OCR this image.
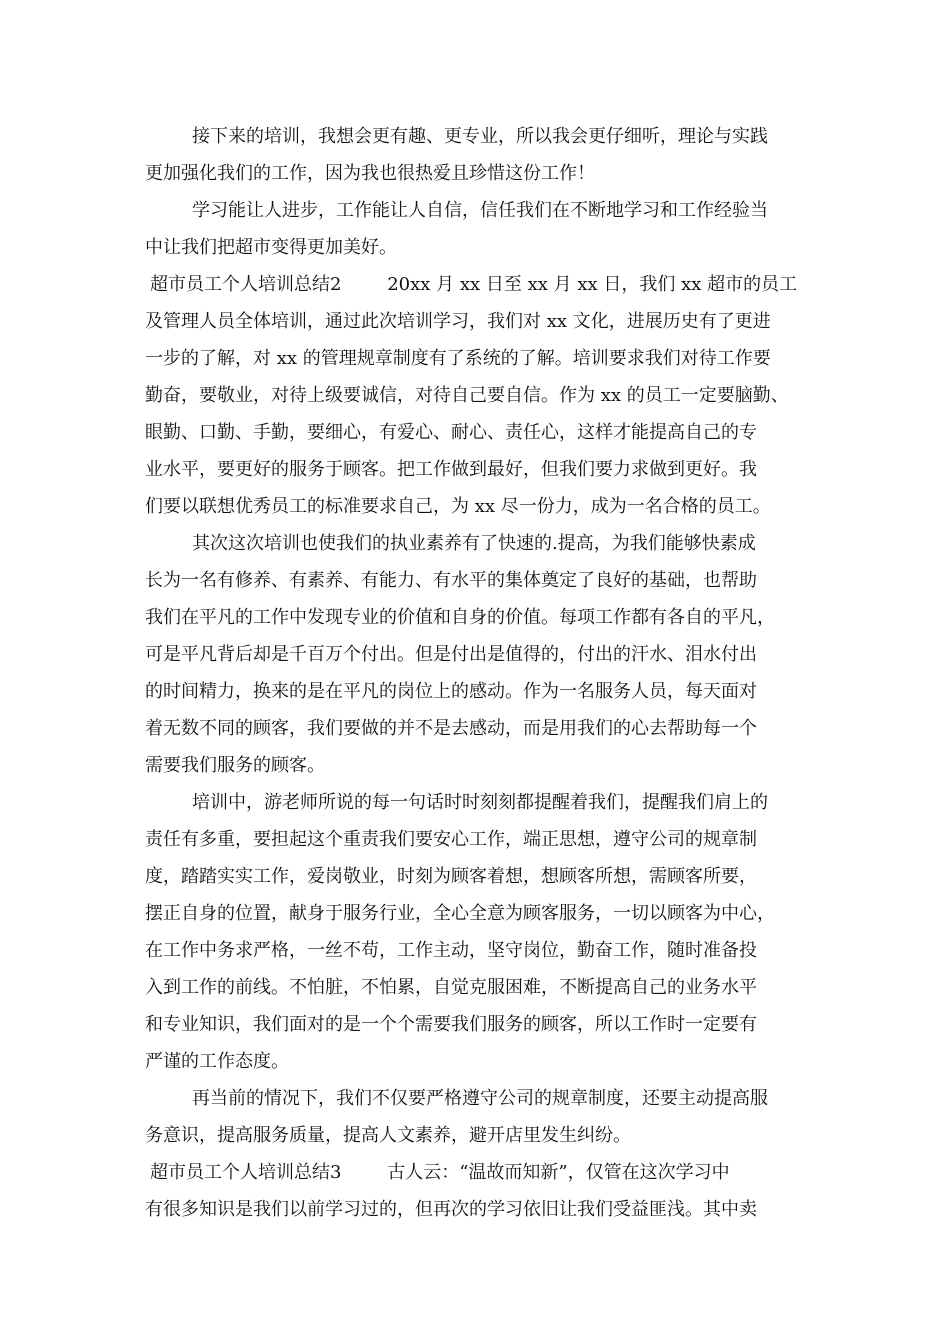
接下来的培训，我想会更有趣、更专业，所以我会更仔细听，理论与实践
更加强化我们的工作，因为我也很热爱且珍惜这份工作！
学习能让人进步，工作能让人自信，信任我们在不断地学习和工作经验当
中让我们把超市变得更加美好。
超市员工个人培训总结2        20xx 月 xx 日至 xx 月 xx 日，我们 xx 超市的员工
及管理人员全体培训，通过此次培训学习，我们对 xx 文化，进展历史有了更进
一步的了解，对 xx 的管理规章制度有了系统的了解。培训要求我们对待工作要
勤奋，要敬业，对待上级要诚信，对待自己要自信。作为 xx 的员工一定要脑勤、
眼勤、口勤、手勤，要细心，有爱心、耐心、责任心，这样才能提高自己的专
业水平，要更好的服务于顾客。把工作做到最好，但我们要力求做到更好。我
们要以联想优秀员工的标准要求自己，为 xx 尽一份力，成为一名合格的员工。
其次这次培训也使我们的执业素养有了快速的.提高，为我们能够快素成
长为一名有修养、有素养、有能力、有水平的集体奠定了良好的基础，也帮助
我们在平凡的工作中发现专业的价值和自身的价值。每项工作都有各自的平凡，
可是平凡背后却是千百万个付出。但是付出是值得的，付出的汗水、泪水付出
的时间精力，换来的是在平凡的岗位上的感动。作为一名服务人员，每天面对
着无数不同的顾客，我们要做的并不是去感动，而是用我们的心去帮助每一个
需要我们服务的顾客。
培训中，游老师所说的每一句话时时刻刻都提醒着我们，提醒我们肩上的
责任有多重，要担起这个重责我们要安心工作，端正思想，遵守公司的规章制
度，踏踏实实工作，爱岗敬业，时刻为顾客着想，想顾客所想，需顾客所要，
摆正自身的位置，献身于服务行业，全心全意为顾客服务，一切以顾客为中心，
在工作中务求严格，一丝不苟，工作主动，坚守岗位，勤奋工作，随时准备投
入到工作的前线。不怕脏，不怕累，自觉克服困难，不断提高自己的业务水平
和专业知识，我们面对的是一个个需要我们服务的顾客，所以工作时一定要有
严谨的工作态度。
再当前的情况下，我们不仅要严格遵守公司的规章制度，还要主动提高服
务意识，提高服务质量，提高人文素养，避开店里发生纠纷。
超市员工个人培训总结3        古人云：“温故而知新”，仅管在这次学习中
有很多知识是我们以前学习过的，但再次的学习依旧让我们受益匪浅。其中卖
